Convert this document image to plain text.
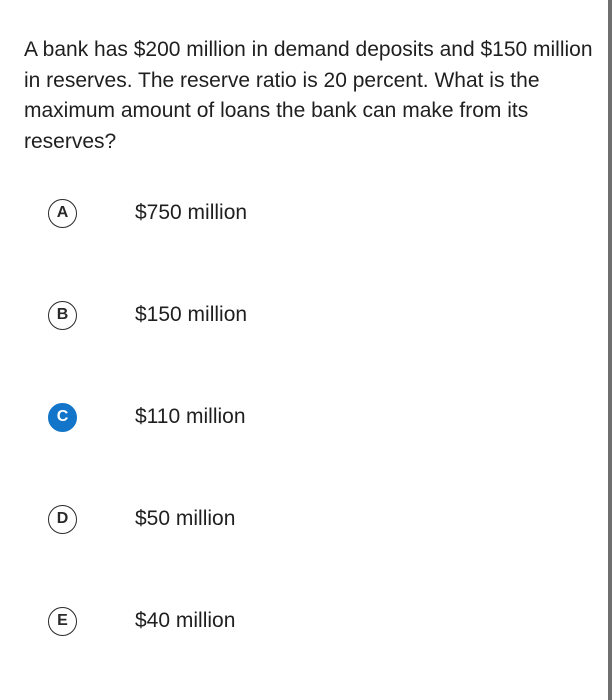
A bank has $200 million in demand deposits and $150 million in reserves. The reserve ratio is 20 percent. What is the maximum amount of loans the bank can make from its reserves?

A	$750 million
B	$150 million
C	$110 million
D	$50 million
E	$40 million
